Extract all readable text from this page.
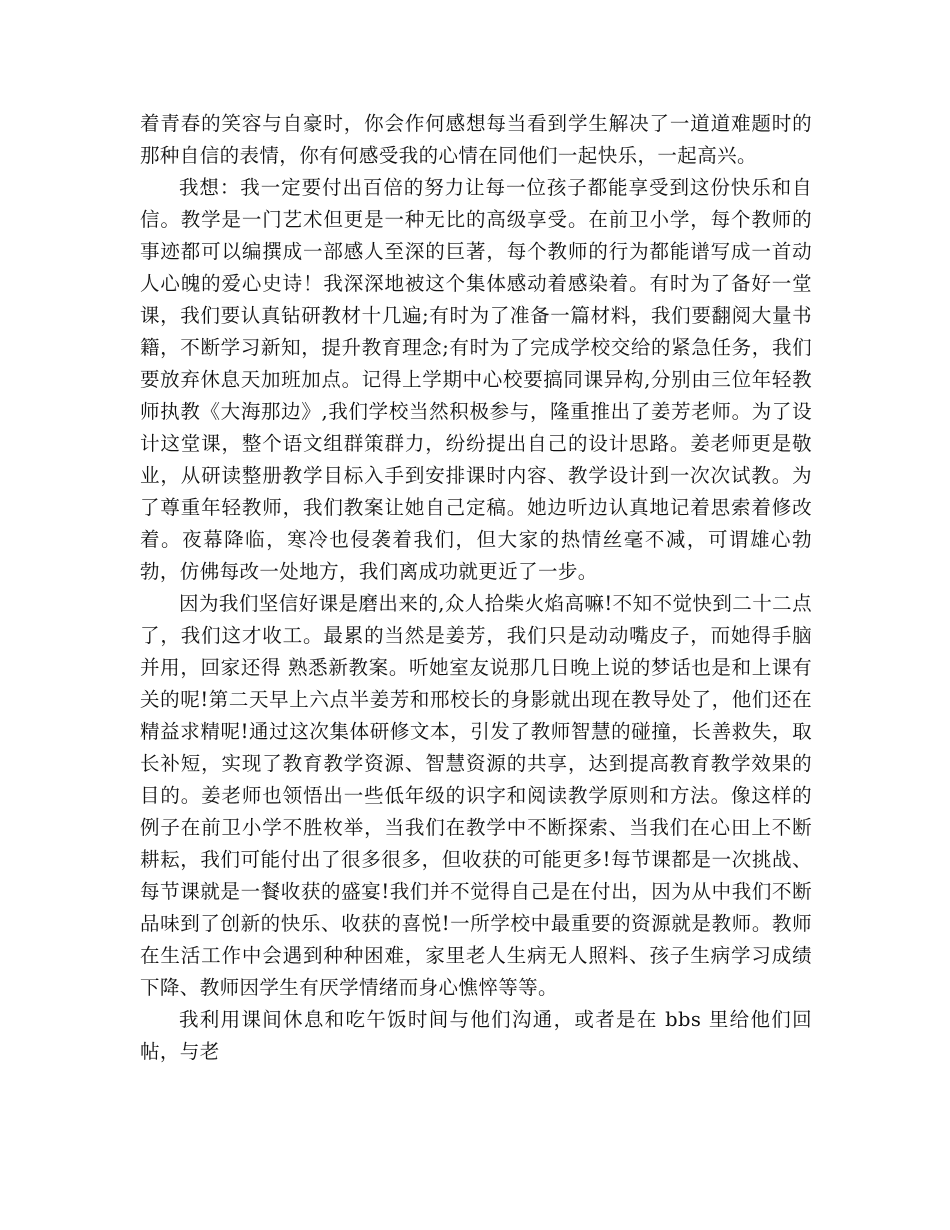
着青春的笑容与自豪时，你会作何感想每当看到学生解决了一道道难题时的那种自信的表情，你有何感受我的心情在同他们一起快乐，一起高兴。

我想：我一定要付出百倍的努力让每一位孩子都能享受到这份快乐和自信。教学是一门艺术但更是一种无比的高级享受。在前卫小学，每个教师的事迹都可以编撰成一部感人至深的巨著，每个教师的行为都能谱写成一首动人心魄的爱心史诗！我深深地被这个集体感动着感染着。有时为了备好一堂课，我们要认真钻研教材十几遍;有时为了准备一篇材料，我们要翻阅大量书籍，不断学习新知，提升教育理念;有时为了完成学校交给的紧急任务，我们要放弃休息天加班加点。记得上学期中心校要搞同课异构,分别由三位年轻教师执教《大海那边》,我们学校当然积极参与，隆重推出了姜芳老师。为了设计这堂课，整个语文组群策群力，纷纷提出自己的设计思路。姜老师更是敬业，从研读整册教学目标入手到安排课时内容、教学设计到一次次试教。为了尊重年轻教师，我们教案让她自己定稿。她边听边认真地记着思索着修改着。夜幕降临，寒冷也侵袭着我们，但大家的热情丝毫不减，可谓雄心勃勃，仿佛每改一处地方，我们离成功就更近了一步。

因为我们坚信好课是磨出来的,众人拾柴火焰高嘛!不知不觉快到二十二点了，我们这才收工。最累的当然是姜芳，我们只是动动嘴皮子，而她得手脑并用，回家还得 熟悉新教案。听她室友说那几日晚上说的梦话也是和上课有关的呢!第二天早上六点半姜芳和邢校长的身影就出现在教导处了，他们还在精益求精呢!通过这次集体研修文本，引发了教师智慧的碰撞，长善救失，取长补短，实现了教育教学资源、智慧资源的共享，达到提高教育教学效果的目的。姜老师也领悟出一些低年级的识字和阅读教学原则和方法。像这样的例子在前卫小学不胜枚举，当我们在教学中不断探索、当我们在心田上不断耕耘，我们可能付出了很多很多，但收获的可能更多!每节课都是一次挑战、每节课就是一餐收获的盛宴!我们并不觉得自己是在付出，因为从中我们不断品味到了创新的快乐、收获的喜悦!一所学校中最重要的资源就是教师。教师在生活工作中会遇到种种困难，家里老人生病无人照料、孩子生病学习成绩下降、教师因学生有厌学情绪而身心憔悴等等。

我利用课间休息和吃午饭时间与他们沟通，或者是在 bbs 里给他们回帖，与老
